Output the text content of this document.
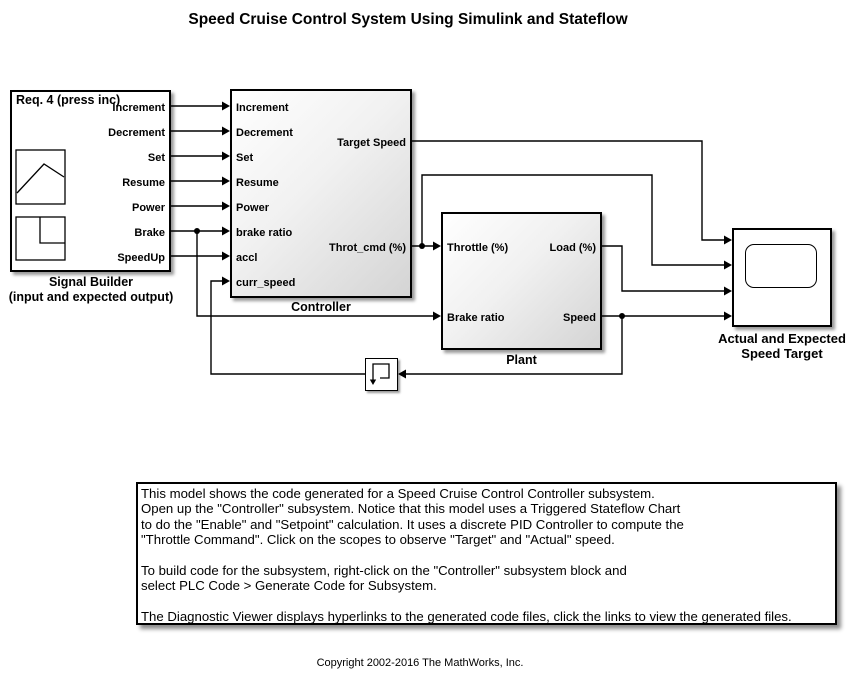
Speed Cruise Control System Using Simulink and Stateflow
Req. 4 (press inc)
Increment
Decrement
Set
Resume
Power
Brake
SpeedUp
Signal Builder
(input and expected output)
Increment
Decrement
Set
Resume
Power
brake ratio
accl
curr_speed
Target Speed
Throt_cmd (%)
Controller
Throttle (%)
Brake ratio
Load (%)
Speed
Plant
Actual and Expected
Speed Target
This model shows the code generated for a Speed Cruise Control Controller subsystem.
Open up the "Controller" subsystem. Notice that this model uses a Triggered Stateflow Chart
to do the "Enable" and "Setpoint" calculation. It uses a discrete PID Controller to compute the
"Throttle Command". Click on the scopes to observe "Target" and "Actual" speed.
To build code for the subsystem, right-click on the "Controller" subsystem block and
select PLC Code > Generate Code for Subsystem.
The Diagnostic Viewer displays hyperlinks to the generated code files, click the links to view the generated files.
Copyright 2002-2016 The MathWorks, Inc.
